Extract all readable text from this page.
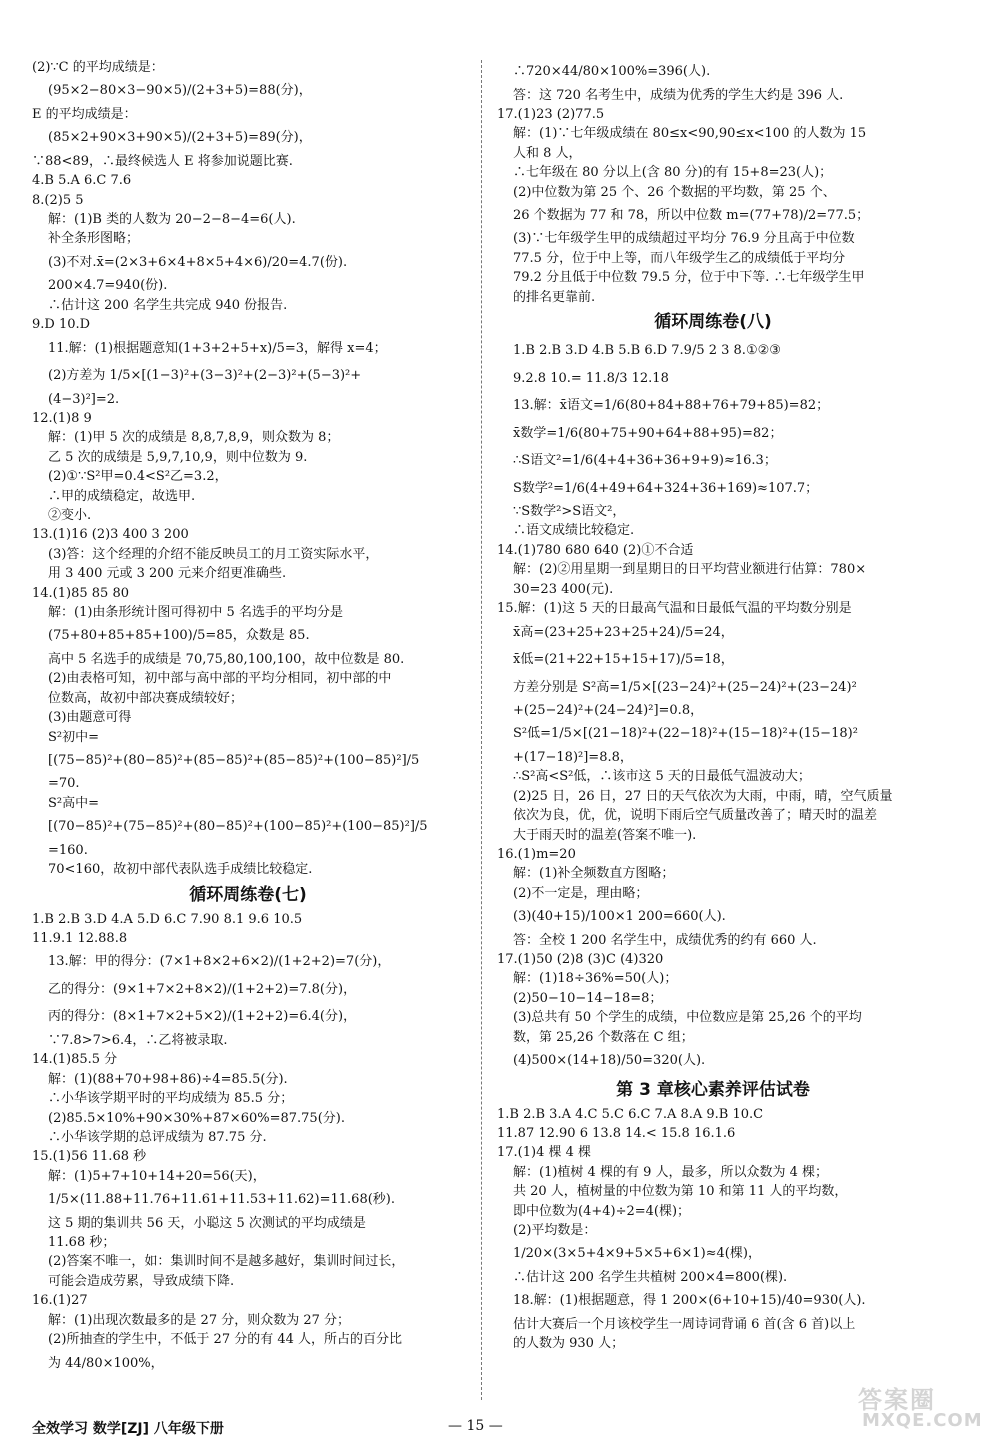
(2)∵C 的平均成绩是：
(95×2−80×3−90×5)/(2+3+5)=88(分)，
E 的平均成绩是：
(85×2+90×3+90×5)/(2+3+5)=89(分)，
∵88<89，∴最终候选人 E 将参加说题比赛.
4.B 5.A 6.C 7.6
8.(2)5 5
解：(1)B 类的人数为 20−2−8−4=6(人).
补全条形图略；
(3)不对.x̄=(2×3+6×4+8×5+4×6)/20=4.7(份).
200×4.7=940(份).
∴估计这 200 名学生共完成 940 份报告.
9.D 10.D
11.解：(1)根据题意知(1+3+2+5+x)/5=3，解得 x=4；
(2)方差为 1/5×[(1−3)²+(3−3)²+(2−3)²+(5−3)²+
(4−3)²]=2.
12.(1)8 9
解：(1)甲 5 次的成绩是 8,8,7,8,9，则众数为 8；
乙 5 次的成绩是 5,9,7,10,9，则中位数为 9.
(2)①∵S²甲=0.4<S²乙=3.2，
∴甲的成绩稳定，故选甲.
②变小.
13.(1)16 (2)3 400 3 200
(3)答：这个经理的介绍不能反映员工的月工资实际水平，
用 3 400 元或 3 200 元来介绍更准确些.
14.(1)85 85 80
解：(1)由条形统计图可得初中 5 名选手的平均分是
(75+80+85+85+100)/5=85，众数是 85.
高中 5 名选手的成绩是 70,75,80,100,100，故中位数是 80.
(2)由表格可知，初中部与高中部的平均分相同，初中部的中
位数高，故初中部决赛成绩较好；
(3)由题意可得
S²初中=
[(75−85)²+(80−85)²+(85−85)²+(85−85)²+(100−85)²]/5
=70.
S²高中=
[(70−85)²+(75−85)²+(80−85)²+(100−85)²+(100−85)²]/5
=160.
70<160，故初中部代表队选手成绩比较稳定.
循环周练卷(七)
1.B 2.B 3.D 4.A 5.D 6.C 7.90 8.1 9.6 10.5
11.9.1 12.88.8
13.解：甲的得分：(7×1+8×2+6×2)/(1+2+2)=7(分)，
乙的得分：(9×1+7×2+8×2)/(1+2+2)=7.8(分)，
丙的得分：(8×1+7×2+5×2)/(1+2+2)=6.4(分)，
∵7.8>7>6.4，∴乙将被录取.
14.(1)85.5 分
解：(1)(88+70+98+86)÷4=85.5(分).
∴小华该学期平时的平均成绩为 85.5 分；
(2)85.5×10%+90×30%+87×60%=87.75(分).
∴小华该学期的总评成绩为 87.75 分.
15.(1)56 11.68 秒
解：(1)5+7+10+14+20=56(天)，
1/5×(11.88+11.76+11.61+11.53+11.62)=11.68(秒).
这 5 期的集训共 56 天，小聪这 5 次测试的平均成绩是
11.68 秒；
(2)答案不唯一，如：集训时间不是越多越好，集训时间过长，
可能会造成劳累，导致成绩下降.
16.(1)27
解：(1)出现次数最多的是 27 分，则众数为 27 分；
(2)所抽查的学生中，不低于 27 分的有 44 人，所占的百分比
为 44/80×100%，
∴720×44/80×100%=396(人).
答：这 720 名考生中，成绩为优秀的学生大约是 396 人.
17.(1)23 (2)77.5
解：(1)∵七年级成绩在 80≤x<90,90≤x<100 的人数为 15
人和 8 人，
∴七年级在 80 分以上(含 80 分)的有 15+8=23(人)；
(2)中位数为第 25 个、26 个数据的平均数，第 25 个、
26 个数据为 77 和 78，所以中位数 m=(77+78)/2=77.5；
(3)∵七年级学生甲的成绩超过平均分 76.9 分且高于中位数
77.5 分，位于中上等，而八年级学生乙的成绩低于平均分
79.2 分且低于中位数 79.5 分，位于中下等. ∴七年级学生甲
的排名更靠前.
循环周练卷(八)
1.B 2.B 3.D 4.B 5.B 6.D 7.9/5 2 3 8.①②③
9.2.8 10.= 11.8/3 12.18
13.解：x̄语文=1/6(80+84+88+76+79+85)=82；
x̄数学=1/6(80+75+90+64+88+95)=82；
∴S语文²=1/6(4+4+36+36+9+9)≈16.3；
S数学²=1/6(4+49+64+324+36+169)≈107.7；
∵S数学²>S语文²，
∴语文成绩比较稳定.
14.(1)780 680 640 (2)①不合适
解：(2)②用星期一到星期日的日平均营业额进行估算：780×
30=23 400(元).
15.解：(1)这 5 天的日最高气温和日最低气温的平均数分别是
x̄高=(23+25+23+25+24)/5=24，
x̄低=(21+22+15+15+17)/5=18，
方差分别是 S²高=1/5×[(23−24)²+(25−24)²+(23−24)²
+(25−24)²+(24−24)²]=0.8，
S²低=1/5×[(21−18)²+(22−18)²+(15−18)²+(15−18)²
+(17−18)²]=8.8，
∴S²高<S²低，∴该市这 5 天的日最低气温波动大；
(2)25 日，26 日，27 日的天气依次为大雨，中雨，晴，空气质量
依次为良，优，优，说明下雨后空气质量改善了；晴天时的温差
大于雨天时的温差(答案不唯一).
16.(1)m=20
解：(1)补全频数直方图略；
(2)不一定是，理由略；
(3)(40+15)/100×1 200=660(人).
答：全校 1 200 名学生中，成绩优秀的约有 660 人.
17.(1)50 (2)8 (3)C (4)320
解：(1)18÷36%=50(人)；
(2)50−10−14−18=8；
(3)总共有 50 个学生的成绩，中位数应是第 25,26 个的平均
数，第 25,26 个数落在 C 组；
(4)500×(14+18)/50=320(人).
第 3 章核心素养评估试卷
1.B 2.B 3.A 4.C 5.C 6.C 7.A 8.A 9.B 10.C
11.87 12.90 6 13.8 14.< 15.8 16.1.6
17.(1)4 棵 4 棵
解：(1)植树 4 棵的有 9 人，最多，所以众数为 4 棵；
共 20 人，植树量的中位数为第 10 和第 11 人的平均数，
即中位数为(4+4)÷2=4(棵)；
(2)平均数是：
1/20×(3×5+4×9+5×5+6×1)≈4(棵)，
∴估计这 200 名学生共植树 200×4=800(棵).
18.解：(1)根据题意，得 1 200×(6+10+15)/40=930(人).
估计大赛后一个月该校学生一周诗词背诵 6 首(含 6 首)以上
的人数为 930 人；
全效学习 数学[ZJ] 八年级下册	— 15 —
答案圈
MXQE.COM
